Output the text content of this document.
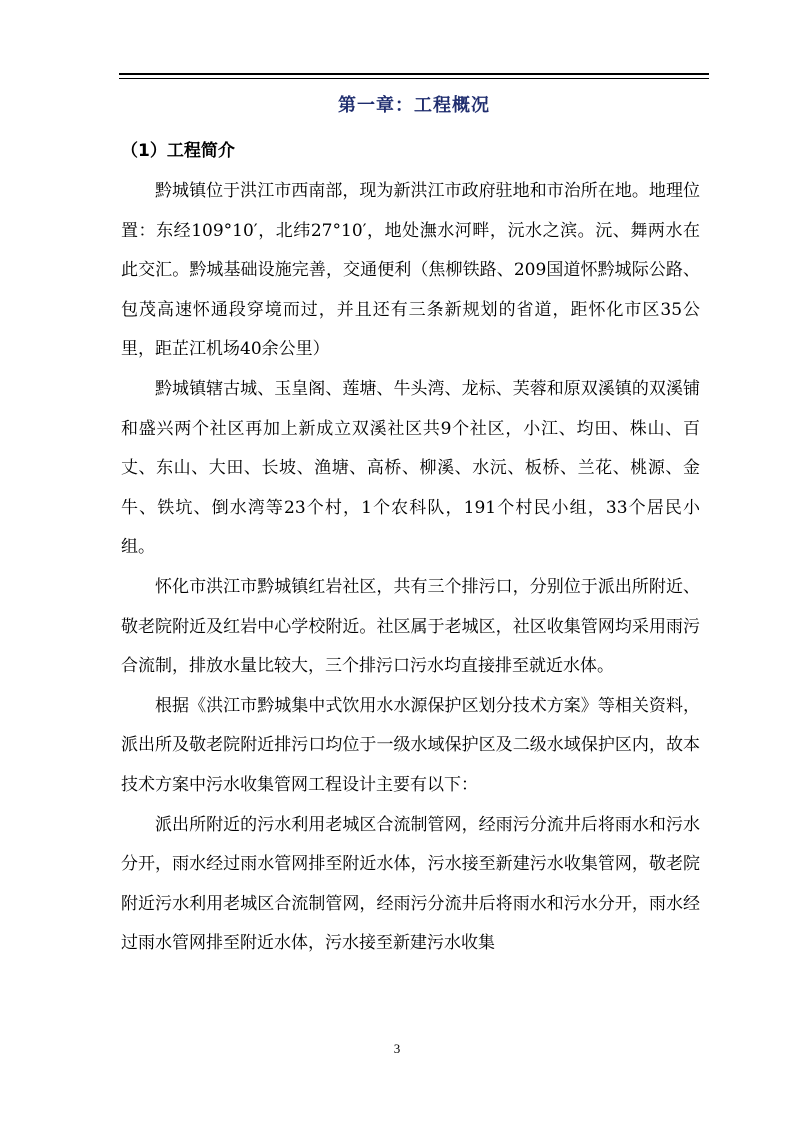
第一章：工程概况
（1）工程简介

黔城镇位于洪江市西南部，现为新洪江市政府驻地和市治所在地。地理位置：东经109°10′，北纬27°10′，地处潕水河畔，沅水之滨。沅、舞两水在此交汇。黔城基础设施完善，交通便利（焦柳铁路、209国道怀黔城际公路、包茂高速怀通段穿境而过，并且还有三条新规划的省道，距怀化市区35公里，距芷江机场40余公里）

黔城镇辖古城、玉皇阁、莲塘、牛头湾、龙标、芙蓉和原双溪镇的双溪铺和盛兴两个社区再加上新成立双溪社区共9个社区，小江、均田、株山、百丈、东山、大田、长坡、渔塘、高桥、柳溪、水沅、板桥、兰花、桃源、金牛、铁坑、倒水湾等23个村，1个农科队，191个村民小组，33个居民小组。

怀化市洪江市黔城镇红岩社区，共有三个排污口，分别位于派出所附近、敬老院附近及红岩中心学校附近。社区属于老城区，社区收集管网均采用雨污合流制，排放水量比较大，三个排污口污水均直接排至就近水体。

根据《洪江市黔城集中式饮用水水源保护区划分技术方案》等相关资料，派出所及敬老院附近排污口均位于一级水域保护区及二级水域保护区内，故本技术方案中污水收集管网工程设计主要有以下：

派出所附近的污水利用老城区合流制管网，经雨污分流井后将雨水和污水分开，雨水经过雨水管网排至附近水体，污水接至新建污水收集管网，敬老院附近污水利用老城区合流制管网，经雨污分流井后将雨水和污水分开，雨水经过雨水管网排至附近水体，污水接至新建污水收集

3
